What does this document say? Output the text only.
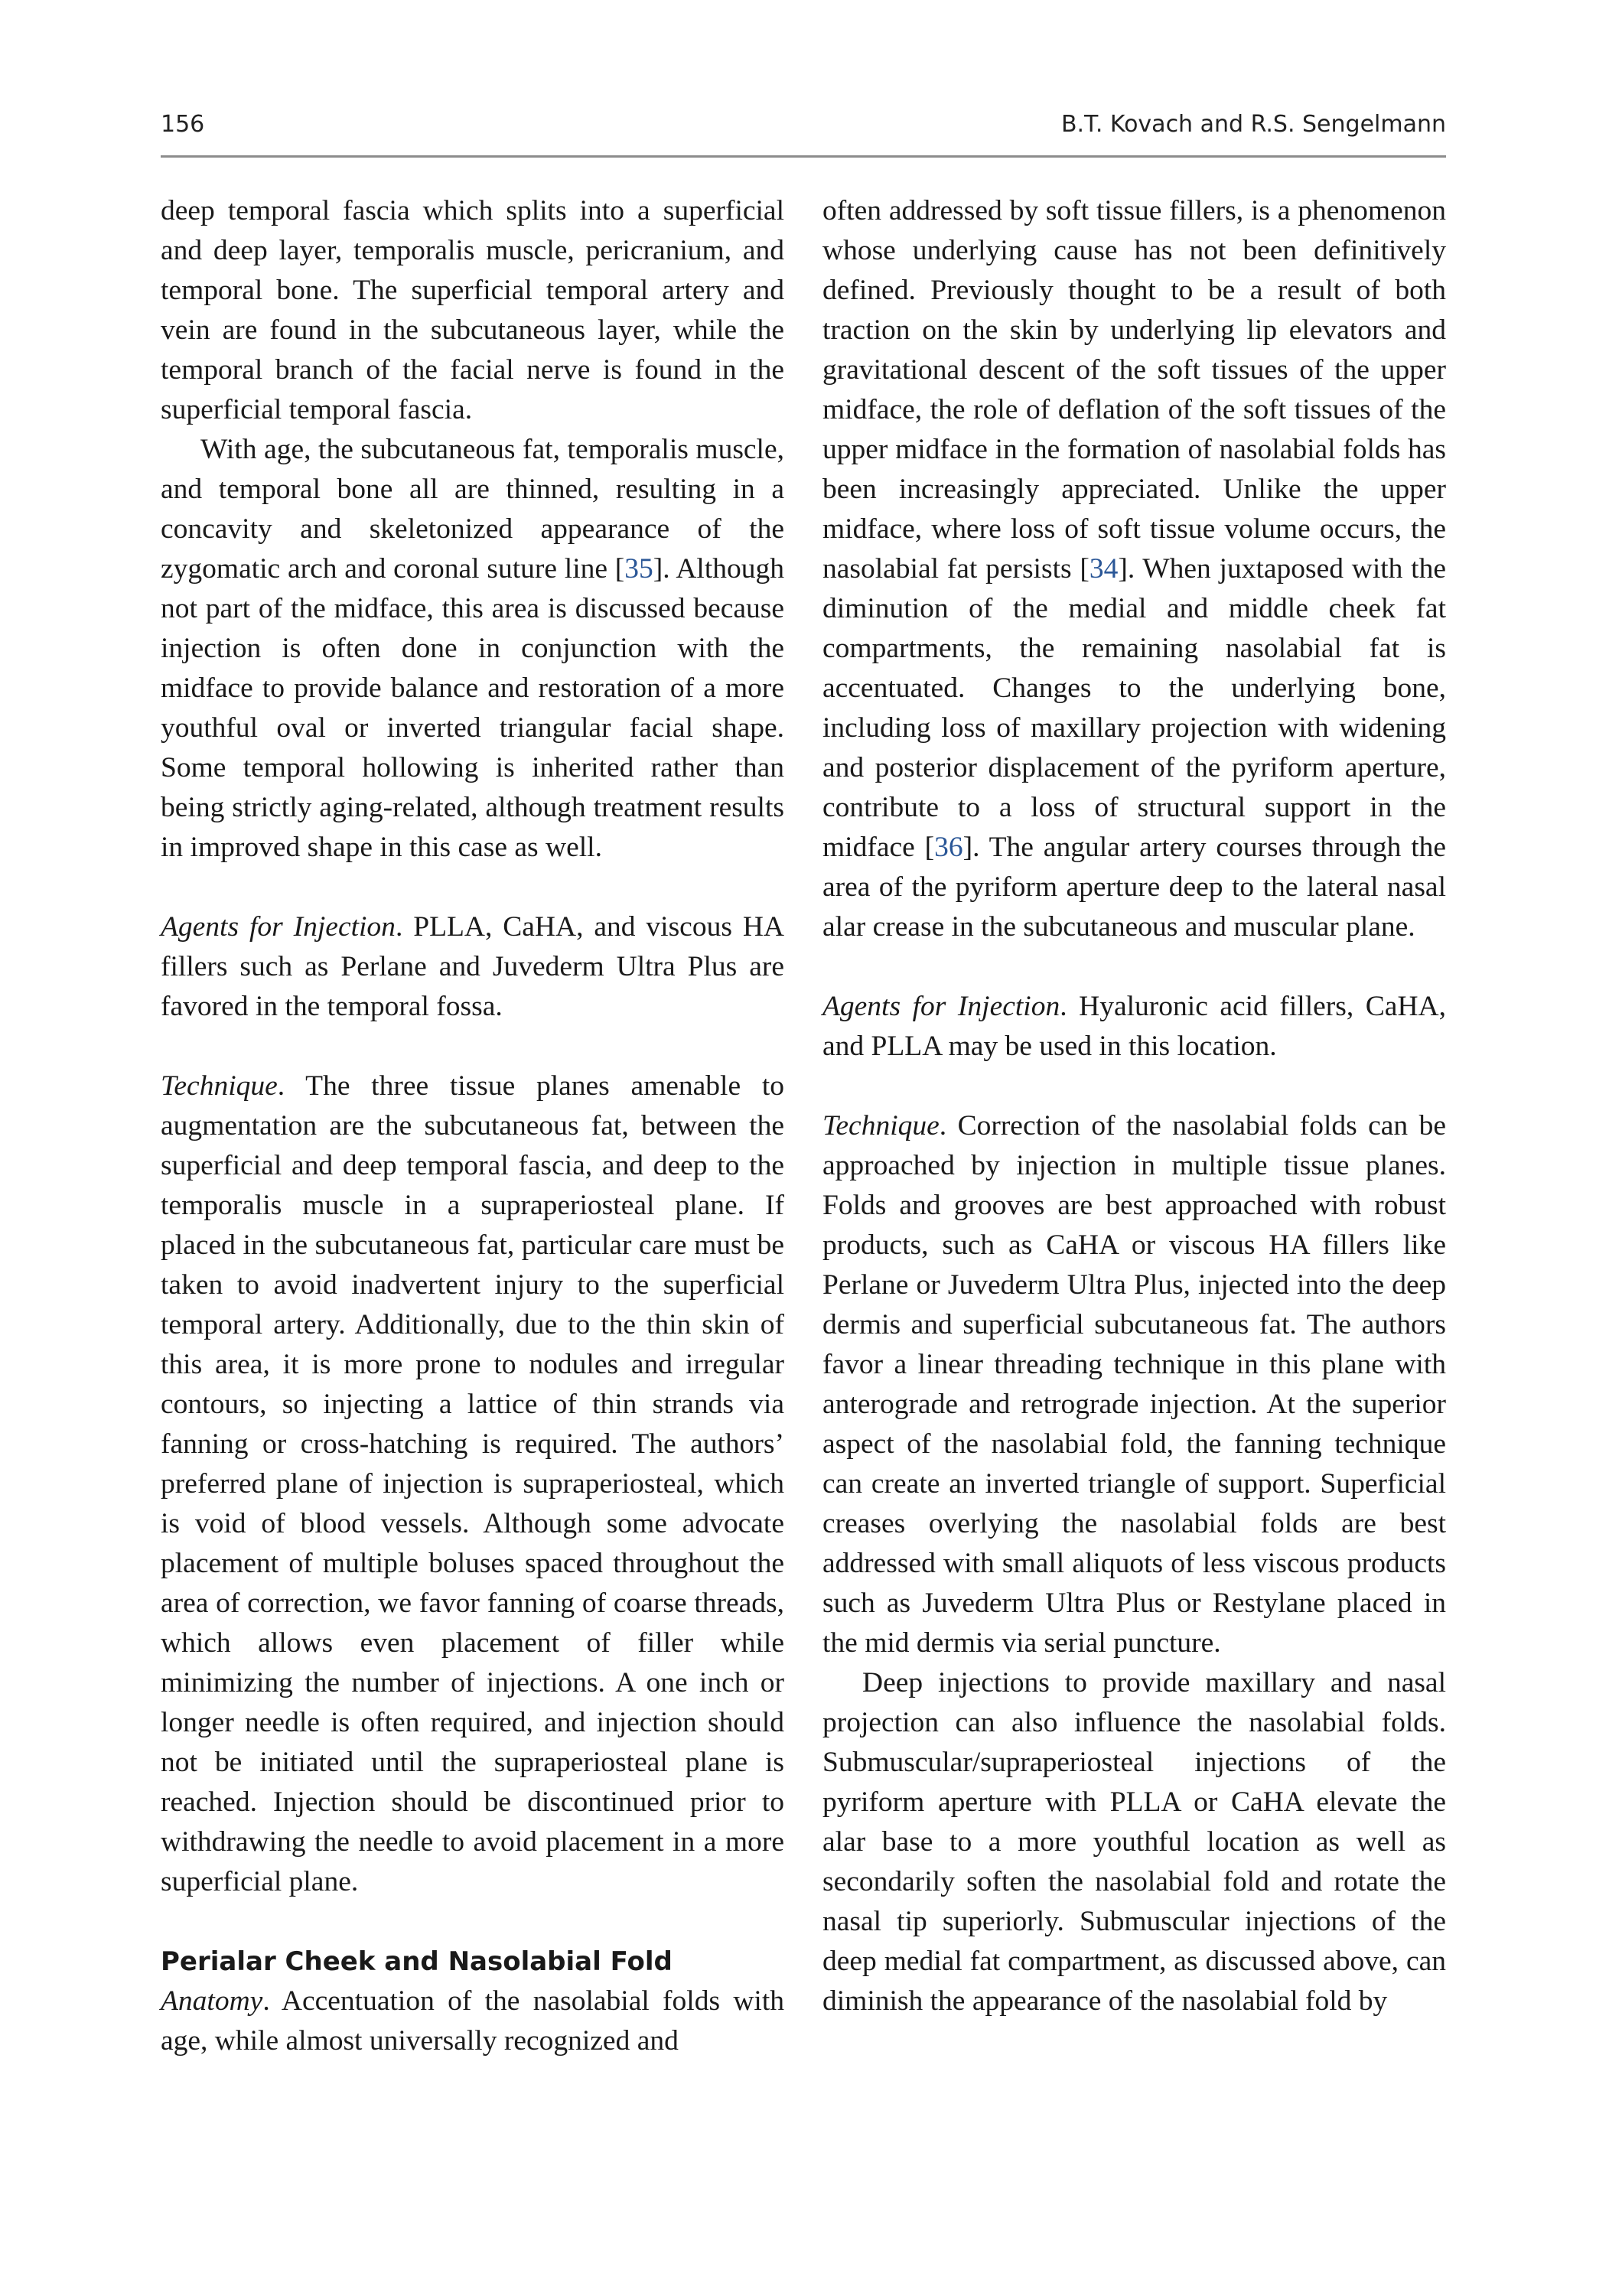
156	B.T. Kovach and R.S. Sengelmann

deep temporal fascia which splits into a superficial and deep layer, temporalis muscle, pericranium, and temporal bone. The superficial temporal artery and vein are found in the subcutaneous layer, while the temporal branch of the facial nerve is found in the superficial temporal fascia.

With age, the subcutaneous fat, temporalis muscle, and temporal bone all are thinned, resulting in a concavity and skeletonized appearance of the zygomatic arch and coronal suture line [35]. Although not part of the midface, this area is discussed because injection is often done in conjunction with the midface to provide balance and restoration of a more youthful oval or inverted triangular facial shape. Some temporal hollowing is inherited rather than being strictly aging-related, although treatment results in improved shape in this case as well.

Agents for Injection. PLLA, CaHA, and viscous HA fillers such as Perlane and Juvederm Ultra Plus are favored in the temporal fossa.

Technique. The three tissue planes amenable to augmentation are the subcutaneous fat, between the superficial and deep temporal fascia, and deep to the temporalis muscle in a supraperiosteal plane. If placed in the subcutaneous fat, particular care must be taken to avoid inadvertent injury to the superficial temporal artery. Additionally, due to the thin skin of this area, it is more prone to nodules and irregular contours, so injecting a lattice of thin strands via fanning or cross-hatching is required. The authors’ preferred plane of injection is supraperiosteal, which is void of blood vessels. Although some advocate placement of multiple boluses spaced throughout the area of correction, we favor fanning of coarse threads, which allows even placement of filler while minimizing the number of injections. A one inch or longer needle is often required, and injection should not be initiated until the supraperiosteal plane is reached. Injection should be discontinued prior to withdrawing the needle to avoid placement in a more superficial plane.

Perialar Cheek and Nasolabial Fold

Anatomy. Accentuation of the nasolabial folds with age, while almost universally recognized and

often addressed by soft tissue fillers, is a phenomenon whose underlying cause has not been definitively defined. Previously thought to be a result of both traction on the skin by underlying lip elevators and gravitational descent of the soft tissues of the upper midface, the role of deflation of the soft tissues of the upper midface in the formation of nasolabial folds has been increasingly appreciated. Unlike the upper midface, where loss of soft tissue volume occurs, the nasolabial fat persists [34]. When juxtaposed with the diminution of the medial and middle cheek fat compartments, the remaining nasolabial fat is accentuated. Changes to the underlying bone, including loss of maxillary projection with widening and posterior displacement of the pyriform aperture, contribute to a loss of structural support in the midface [36]. The angular artery courses through the area of the pyriform aperture deep to the lateral nasal alar crease in the subcutaneous and muscular plane.

Agents for Injection. Hyaluronic acid fillers, CaHA, and PLLA may be used in this location.

Technique. Correction of the nasolabial folds can be approached by injection in multiple tissue planes. Folds and grooves are best approached with robust products, such as CaHA or viscous HA fillers like Perlane or Juvederm Ultra Plus, injected into the deep dermis and superficial subcutaneous fat. The authors favor a linear threading technique in this plane with anterograde and retrograde injection. At the superior aspect of the nasolabial fold, the fanning technique can create an inverted triangle of support. Superficial creases overlying the nasolabial folds are best addressed with small aliquots of less viscous products such as Juvederm Ultra Plus or Restylane placed in the mid dermis via serial puncture.

Deep injections to provide maxillary and nasal projection can also influence the nasolabial folds. Submuscular/supraperiosteal injections of the pyriform aperture with PLLA or CaHA elevate the alar base to a more youthful location as well as secondarily soften the nasolabial fold and rotate the nasal tip superiorly. Submuscular injections of the deep medial fat compartment, as discussed above, can diminish the appearance of the nasolabial fold by
